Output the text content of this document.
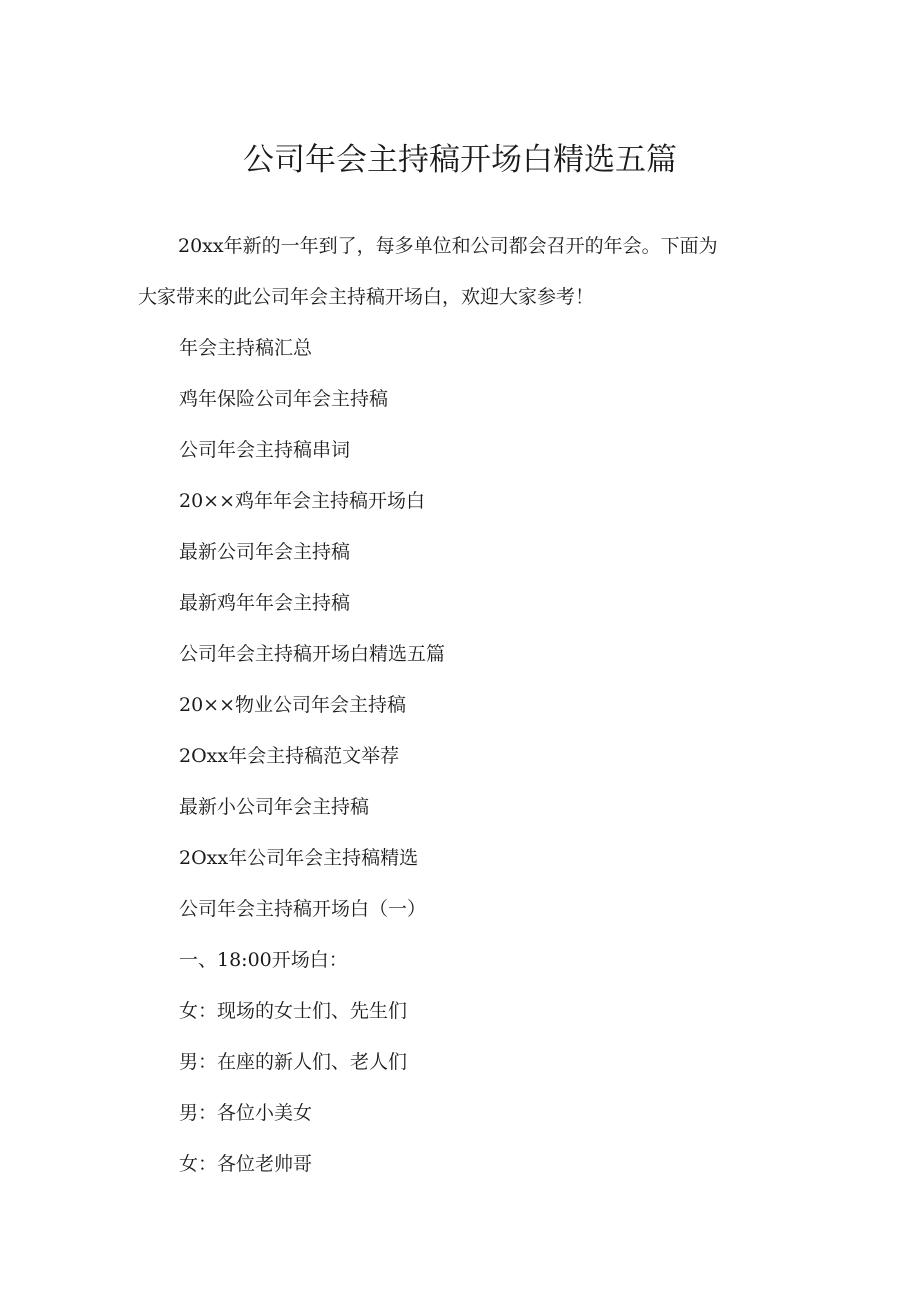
公司年会主持稿开场白精选五篇

20xx年新的一年到了，每多单位和公司都会召开的年会。下面为
大家带来的此公司年会主持稿开场白，欢迎大家参考！

年会主持稿汇总
鸡年保险公司年会主持稿
公司年会主持稿串词
20××鸡年年会主持稿开场白
最新公司年会主持稿
最新鸡年年会主持稿
公司年会主持稿开场白精选五篇
20××物业公司年会主持稿
2Oxx年会主持稿范文举荐
最新小公司年会主持稿
2Oxx年公司年会主持稿精选
公司年会主持稿开场白（一）
一、18:00开场白：
女：现场的女士们、先生们
男：在座的新人们、老人们
男：各位小美女
女：各位老帅哥
